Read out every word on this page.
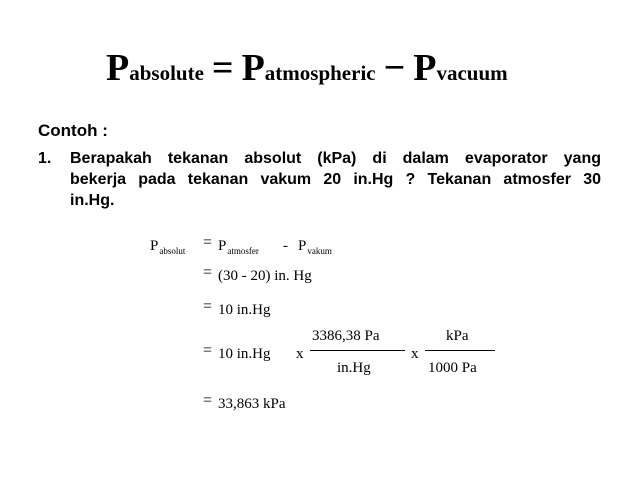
Pabsolute = Patmospheric − Pvacuum
Contoh :
1. Berapakah tekanan absolut (kPa) di dalam evaporator yang
bekerja pada tekanan vakum 20 in.Hg ? Tekanan atmosfer 30
in.Hg.
$P_{absolut} = P_{atmosfer} - P_{vakum}$
= (30 - 20) in. Hg
= 10 in.Hg
= 10 in.Hg x
3386,38 Pa
in.Hg
x
kPa
1000 Pa
= 33,863 kPa
